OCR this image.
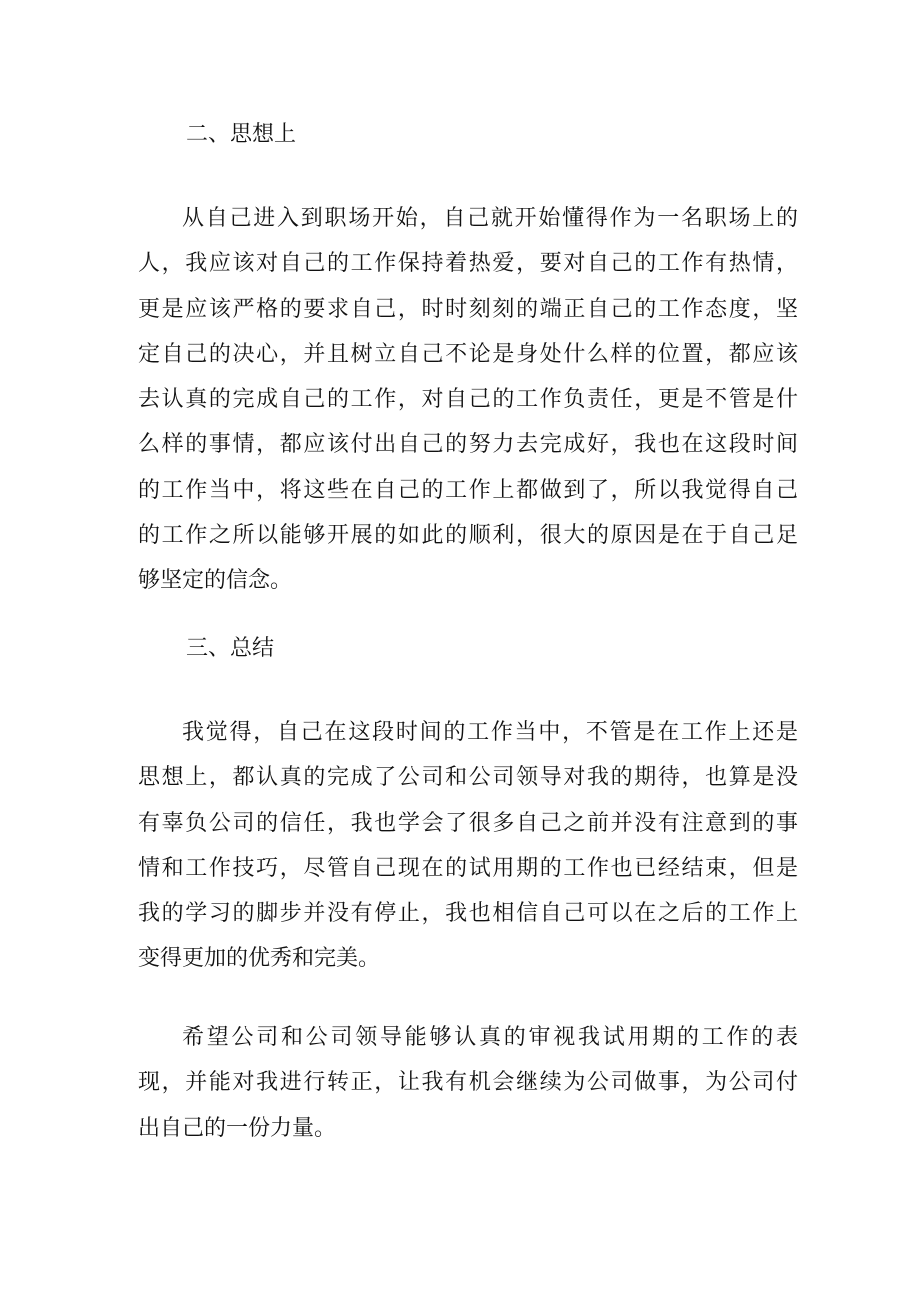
二、思想上
从自己进入到职场开始，自己就开始懂得作为一名职场上的
人，我应该对自己的工作保持着热爱，要对自己的工作有热情，
更是应该严格的要求自己，时时刻刻的端正自己的工作态度，坚
定自己的决心，并且树立自己不论是身处什么样的位置，都应该
去认真的完成自己的工作，对自己的工作负责任，更是不管是什
么样的事情，都应该付出自己的努力去完成好，我也在这段时间
的工作当中，将这些在自己的工作上都做到了，所以我觉得自己
的工作之所以能够开展的如此的顺利，很大的原因是在于自己足
够坚定的信念。
三、总结
我觉得，自己在这段时间的工作当中，不管是在工作上还是
思想上，都认真的完成了公司和公司领导对我的期待，也算是没
有辜负公司的信任，我也学会了很多自己之前并没有注意到的事
情和工作技巧，尽管自己现在的试用期的工作也已经结束，但是
我的学习的脚步并没有停止，我也相信自己可以在之后的工作上
变得更加的优秀和完美。
希望公司和公司领导能够认真的审视我试用期的工作的表
现，并能对我进行转正，让我有机会继续为公司做事，为公司付
出自己的一份力量。
